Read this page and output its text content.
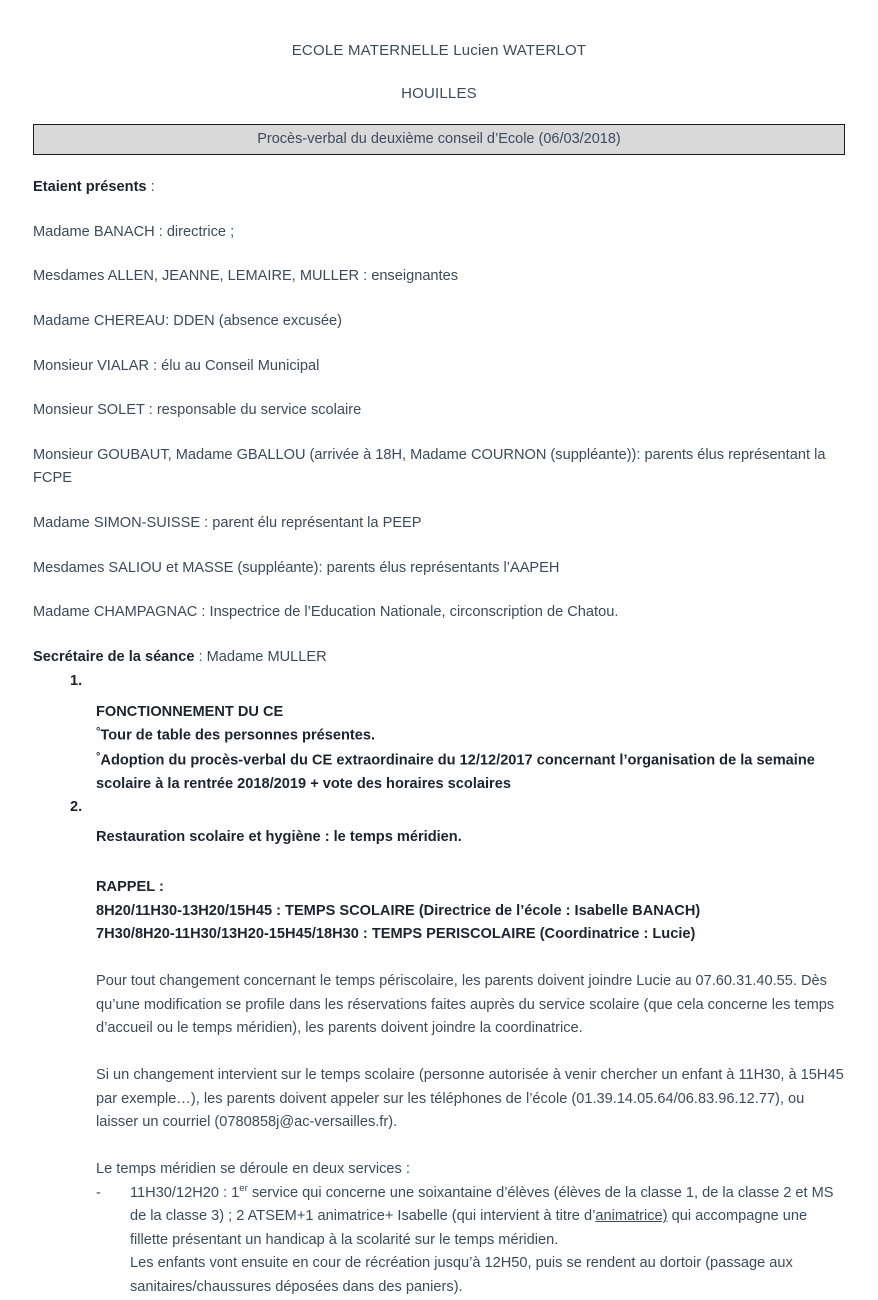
ECOLE MATERNELLE Lucien WATERLOT
HOUILLES
Procès-verbal du deuxième conseil d’Ecole (06/03/2018)

Etaient présents :

Madame BANACH : directrice ;

Mesdames ALLEN, JEANNE, LEMAIRE, MULLER : enseignantes

Madame CHEREAU: DDEN (absence excusée)

Monsieur VIALAR : élu au Conseil Municipal

Monsieur SOLET : responsable du service scolaire

Monsieur GOUBAUT, Madame GBALLOU (arrivée à 18H, Madame COURNON (suppléante)): parents élus représentant la FCPE

Madame SIMON-SUISSE : parent élu représentant la PEEP

Mesdames SALIOU et MASSE (suppléante): parents élus représentants l’AAPEH

Madame CHAMPAGNAC : Inspectrice de l’Education Nationale, circonscription de Chatou.

Secrétaire de la séance : Madame MULLER

1.
FONCTIONNEMENT DU CE
°Tour de table des personnes présentes.
°Adoption du procès-verbal du CE extraordinaire du 12/12/2017 concernant l’organisation de la semaine scolaire à la rentrée 2018/2019 + vote des horaires scolaires
2.
Restauration scolaire et hygiène : le temps méridien.

RAPPEL :

8H20/11H30-13H20/15H45 : TEMPS SCOLAIRE (Directrice de l’école : Isabelle BANACH)

7H30/8H20-11H30/13H20-15H45/18H30 : TEMPS PERISCOLAIRE (Coordinatrice : Lucie)

Pour tout changement concernant le temps périscolaire, les parents doivent joindre Lucie au 07.60.31.40.55. Dès qu’une modification se profile dans les réservations faites auprès du service scolaire (que cela concerne les temps d’accueil ou le temps méridien), les parents doivent joindre la coordinatrice.

Si un changement intervient sur le temps scolaire (personne autorisée à venir chercher un enfant à 11H30, à 15H45 par exemple…), les parents doivent appeler sur les téléphones de l’école (01.39.14.05.64/06.83.96.12.77), ou laisser un courriel (0780858j@ac-versailles.fr).

Le temps méridien se déroule en deux services :

- 11H30/12H20 : 1er service qui concerne une soixantaine d’élèves (élèves de la classe 1, de la classe 2 et MS de la classe 3) ; 2 ATSEM+1 animatrice+ Isabelle (qui intervient à titre d’animatrice) qui accompagne une fillette présentant un handicap à la scolarité sur le temps méridien.
Les enfants vont ensuite en cour de récréation jusqu’à 12H50, puis se rendent au dortoir (passage aux sanitaires/chaussures déposées dans des paniers).
